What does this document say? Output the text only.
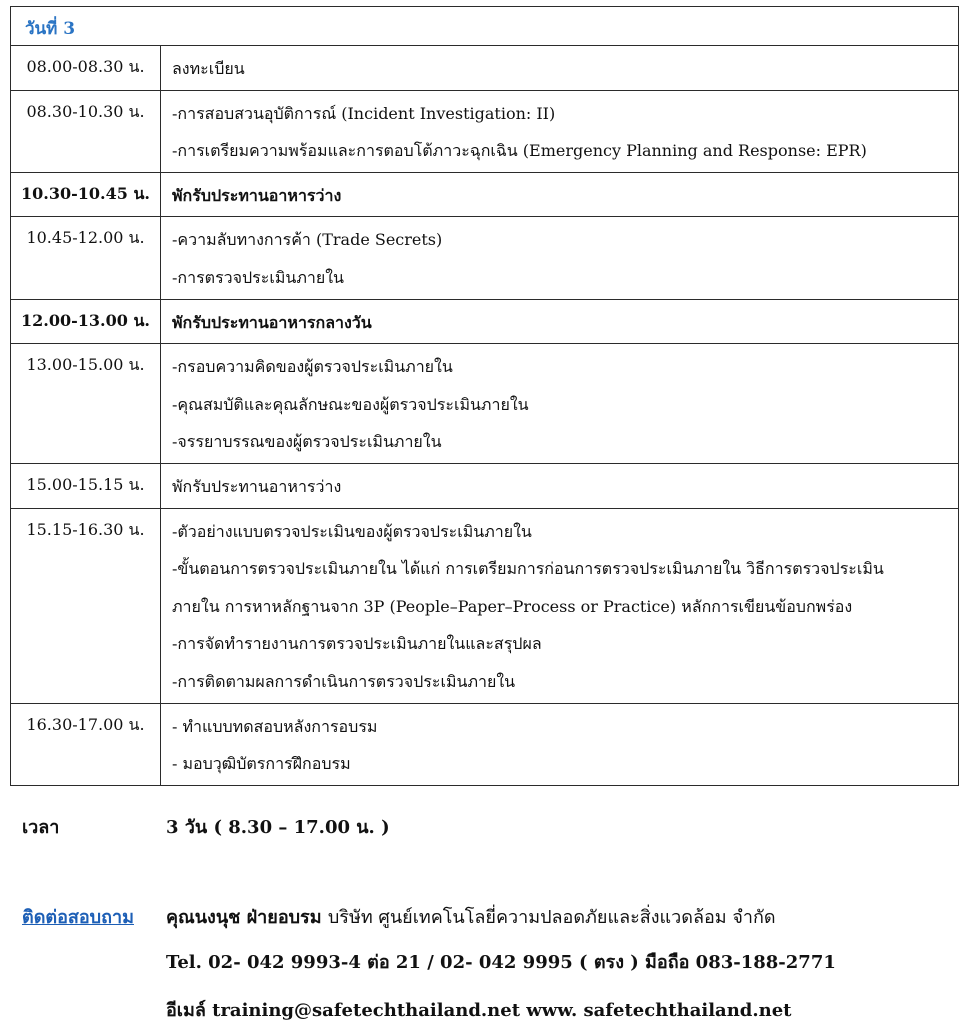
วันที่ 3	
08.00-08.30 น.	ลงทะเบียน

08.30-10.30 น.	-การสอบสวนอุบัติการณ์ (Incident Investigation: II)
-การเตรียมความพร้อมและการตอบโต้ภาวะฉุกเฉิน (Emergency Planning and Response: EPR)

10.30-10.45 น.	พักรับประทานอาหารว่าง

10.45-12.00 น.	-ความลับทางการค้า (Trade Secrets)
-การตรวจประเมินภายใน

12.00-13.00 น.	พักรับประทานอาหารกลางวัน

13.00-15.00 น.	-กรอบความคิดของผู้ตรวจประเมินภายใน
-คุณสมบัติและคุณลักษณะของผู้ตรวจประเมินภายใน
-จรรยาบรรณของผู้ตรวจประเมินภายใน

15.00-15.15 น.	พักรับประทานอาหารว่าง

15.15-16.30 น.	-ตัวอย่างแบบตรวจประเมินของผู้ตรวจประเมินภายใน
-ขั้นตอนการตรวจประเมินภายใน ได้แก่ การเตรียมการก่อนการตรวจประเมินภายใน วิธีการตรวจประเมิน
ภายใน การหาหลักฐานจาก 3P (People–Paper–Process or Practice) หลักการเขียนข้อบกพร่อง
-การจัดทำรายงานการตรวจประเมินภายในและสรุปผล
-การติดตามผลการดำเนินการตรวจประเมินภายใน

16.30-17.00 น.	- ทำแบบทดสอบหลังการอบรม
- มอบวุฒิบัตรการฝึกอบรม
เวลา	3 วัน ( 8.30 – 17.00 น. )
ติดต่อสอบถาม คุณนงนุช ฝ่ายอบรม บริษัท ศูนย์เทคโนโลยี่ความปลอดภัยและสิ่งแวดล้อม จำกัด
Tel. 02- 042 9993-4 ต่อ 21 / 02- 042 9995 ( ตรง ) มือถือ 083-188-2771
อีเมล์ training@safetechthailand.net www. safetechthailand.net
